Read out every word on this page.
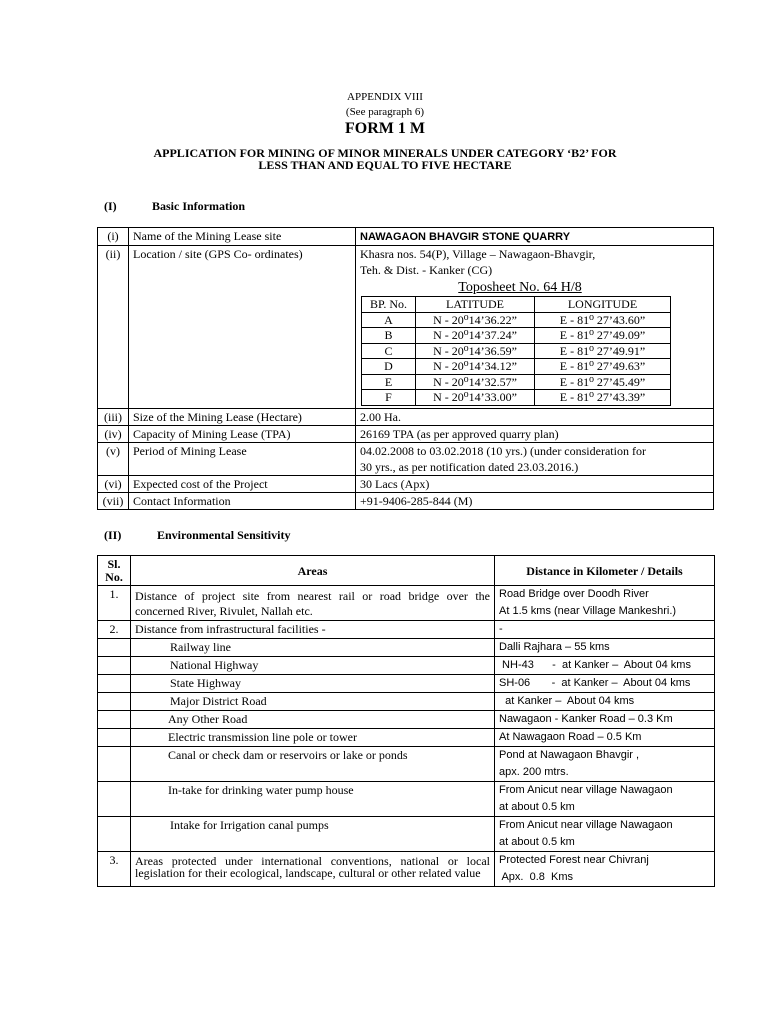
APPENDIX VIII
(See paragraph 6)
FORM 1 M
APPLICATION FOR MINING OF MINOR MINERALS UNDER CATEGORY ‘B2’ FOR
LESS THAN AND EQUAL TO FIVE HECTARE
(I)	Basic Information
(i)	Name of the Mining Lease site	NAWAGAON BHAVGIR STONE QUARRY
(ii)	Location / site (GPS Co- ordinates)	Khasra nos. 54(P), Village – Nawagaon-Bhavgir,
Teh. & Dist. - Kanker (CG)
Toposheet No. 64 H/8
BP. No.	LATITUDE	LONGITUDE
A	N - 20⁰14’36.22”	E - 81⁰ 27’43.60”
B	N - 20⁰14’37.24”	E - 81⁰ 27’49.09”
C	N - 20⁰14’36.59”	E - 81⁰ 27’49.91”
D	N - 20⁰14’34.12”	E - 81⁰ 27’49.63”
E	N - 20⁰14’32.57”	E - 81⁰ 27’45.49”
F	N - 20⁰14’33.00”	E - 81⁰ 27’43.39”

(iii)	Size of the Mining Lease (Hectare)	2.00 Ha.
(iv)	Capacity of Mining Lease (TPA)	26169 TPA (as per approved quarry plan)
(v)	Period of Mining Lease	04.02.2008 to 03.02.2018 (10 yrs.) (under consideration for
30 yrs., as per notification dated 23.03.2016.)

(vi)	Expected cost of the Project	30 Lacs (Apx)
(vii)	Contact Information	+91-9406-285-844 (M)
(II)	Environmental Sensitivity
Sl. No.	Areas	Distance in Kilometer / Details
1.	Distance of project site from nearest rail or road bridge over the concerned River, Rivulet, Nallah etc.	Road Bridge over Doodh River
At 1.5 kms (near Village Mankeshri.)

2.	Distance from infrastructural facilities -	-
	Railway line	Dalli Rajhara – 55 kms
	National Highway	NH-43      -  at Kanker –  About 04 kms
	State Highway	SH-06       -  at Kanker –  About 04 kms
	Major District Road	at Kanker –  About 04 kms
	Any Other Road	Nawagaon - Kanker Road – 0.3 Km
	Electric transmission line pole or tower	At Nawagaon Road – 0.5 Km
	Canal or check dam or reservoirs or lake or ponds	Pond at Nawagaon Bhavgir ,
apx. 200 mtrs.

	In-take for drinking water pump house	From Anicut near village Nawagaon
at about 0.5 km

	Intake for Irrigation canal pumps	From Anicut near village Nawagaon
at about 0.5 km

3.	Areas protected under international conventions, national or local legislation for their ecological, landscape, cultural or other related value	Protected Forest near Chivranj
Apx.  0.8  Kms
